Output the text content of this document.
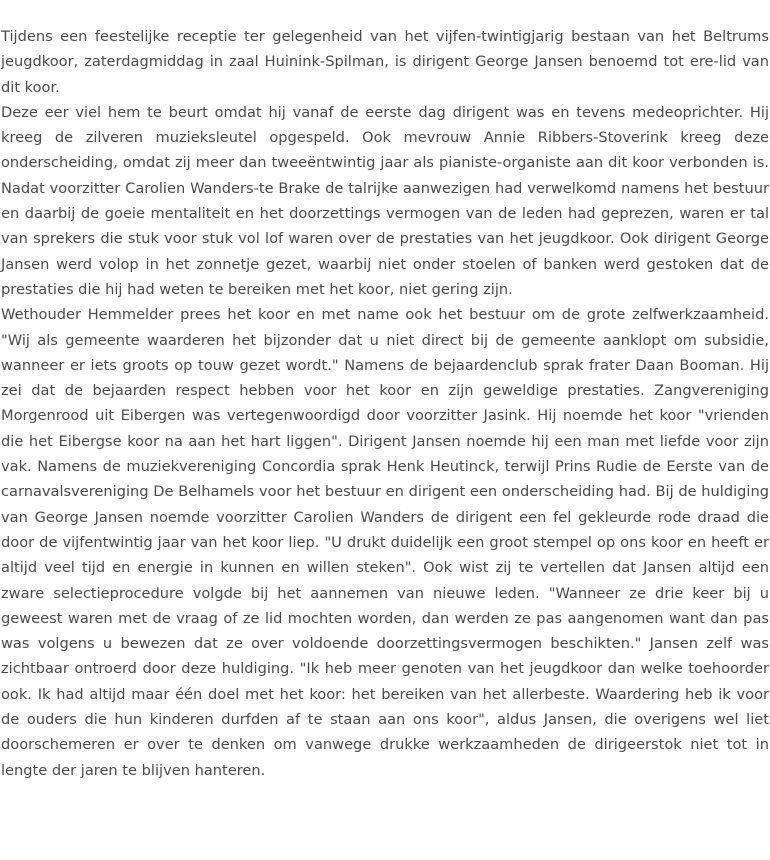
Tijdens een feestelijke receptie ter gelegenheid van het vijfen-twintigjarig bestaan van het Beltrums jeugdkoor, zaterdagmiddag in zaal Huinink-Spilman, is dirigent George Jansen benoemd tot ere-lid van dit koor.

Deze eer viel hem te beurt omdat hij vanaf de eerste dag dirigent was en tevens medeoprichter. Hij kreeg de zilveren muzieksleutel opgespeld. Ook mevrouw Annie Ribbers-Stoverink kreeg deze onderscheiding, omdat zij meer dan tweeëntwintig jaar als pianiste-organiste aan dit koor verbonden is. Nadat voorzitter Carolien Wanders-te Brake de talrijke aanwezigen had verwelkomd namens het bestuur en daarbij de goeie mentaliteit en het doorzettings vermogen van de leden had geprezen, waren er tal van sprekers die stuk voor stuk vol lof waren over de prestaties van het jeugdkoor. Ook dirigent George Jansen werd volop in het zonnetje gezet, waarbij niet onder stoelen of banken werd gestoken dat de prestaties die hij had weten te bereiken met het koor, niet gering zijn.

Wethouder Hemmelder prees het koor en met name ook het bestuur om de grote zelfwerkzaamheid. "Wij als gemeente waarderen het bijzonder dat u niet direct bij de gemeente aanklopt om subsidie, wanneer er iets groots op touw gezet wordt." Namens de bejaardenclub sprak frater Daan Booman. Hij zei dat de bejaarden respect hebben voor het koor en zijn geweldige prestaties. Zangvereniging Morgenrood uit Eibergen was vertegenwoordigd door voorzitter Jasink. Hij noemde het koor "vrienden die het Eibergse koor na aan het hart liggen". Dirigent Jansen noemde hij een man met liefde voor zijn vak. Namens de muziekvereniging Concordia sprak Henk Heutinck, terwijl Prins Rudie de Eerste van de carnavalsvereniging De Belhamels voor het bestuur en dirigent een onderscheiding had. Bij de huldiging van George Jansen noemde voorzitter Carolien Wanders de dirigent een fel gekleurde rode draad die door de vijfentwintig jaar van het koor liep. "U drukt duidelijk een groot stempel op ons koor en heeft er altijd veel tijd en energie in kunnen en willen steken". Ook wist zij te vertellen dat Jansen altijd een zware selectieprocedure volgde bij het aannemen van nieuwe leden. "Wanneer ze drie keer bij u geweest waren met de vraag of ze lid mochten worden, dan werden ze pas aangenomen want dan pas was volgens u bewezen dat ze over voldoende doorzettingsvermogen beschikten." Jansen zelf was zichtbaar ontroerd door deze huldiging. "Ik heb meer genoten van het jeugdkoor dan welke toehoorder ook. Ik had altijd maar één doel met het koor: het bereiken van het allerbeste. Waardering heb ik voor de ouders die hun kinderen durfden af te staan aan ons koor", aldus Jansen, die overigens wel liet doorschemeren er over te denken om vanwege drukke werkzaamheden de dirigeerstok niet tot in lengte der jaren te blijven hanteren.
